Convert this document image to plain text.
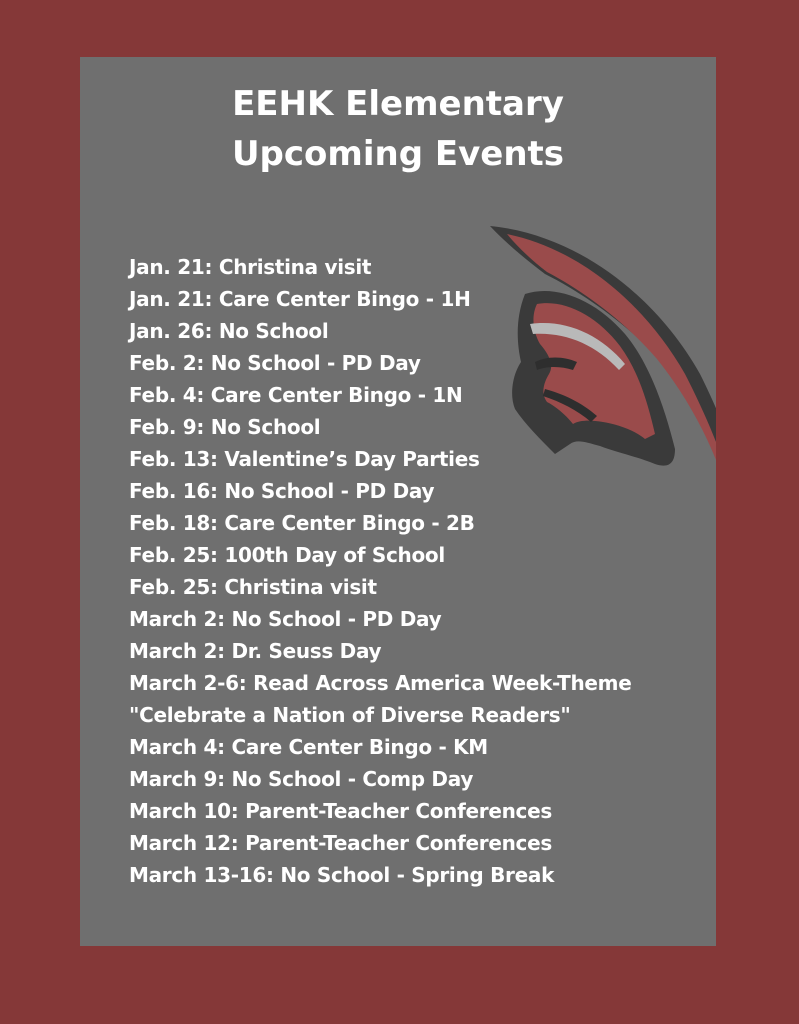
EEHK Elementary
Upcoming Events
Jan. 21: Christina visit
Jan. 21: Care Center Bingo - 1H
Jan. 26: No School
Feb. 2: No School - PD Day
Feb. 4: Care Center Bingo - 1N
Feb. 9: No School
Feb. 13: Valentine’s Day Parties
Feb. 16: No School - PD Day
Feb. 18: Care Center Bingo - 2B
Feb. 25: 100th Day of School
Feb. 25: Christina visit
March 2: No School - PD Day
March 2: Dr. Seuss Day
March 2-6: Read Across America Week-Theme
"Celebrate a Nation of Diverse Readers"
March 4: Care Center Bingo - KM
March 9: No School - Comp Day
March 10: Parent-Teacher Conferences
March 12: Parent-Teacher Conferences
March 13-16: No School - Spring Break
